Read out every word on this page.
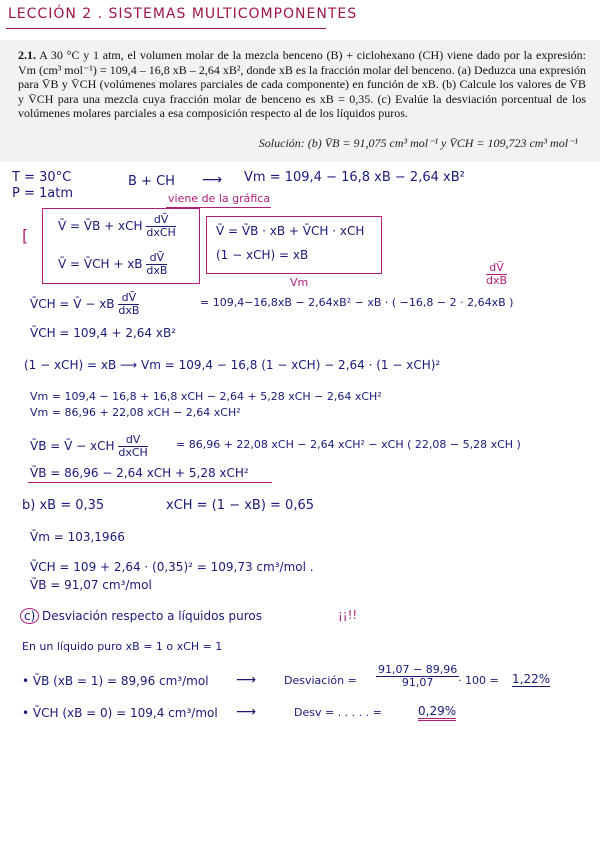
LECCIÓN 2 . SISTEMAS MULTICOMPONENTES
2.1. A 30 °C y 1 atm, el volumen molar de la mezcla benceno (B) + ciclohexano (CH) viene dado por la expresión: Vm (cm³ mol⁻¹) = 109,4 – 16,8 xB – 2,64 xB², donde xB es la fracción molar del benceno. (a) Deduzca una expresión para V̄B y V̄CH (volúmenes molares parciales de cada componente) en función de xB. (b) Calcule los valores de V̄B y V̄CH para una mezcla cuya fracción molar de benceno es xB = 0,35. (c) Evalúe la desviación porcentual de los volúmenes molares parciales a esa composición respecto al de los líquidos puros.
Solución: (b) V̄B = 91,075 cm³ mol⁻¹ y V̄CH = 109,723 cm³ mol⁻¹
T = 30°C
P = 1atm
B + CH ⟶ Vm = 109,4 − 16,8 xB − 2,64 xB²
viene de la gráfica
[ V̄ = V̄B + xCH $\frac{dV̄}{\text{dxCH}}$
V̄ = V̄CH + xB $\frac{dV̄}{\text{dxB}}$
V̄ = V̄B · xB + V̄CH · xCH
(1 − xCH) = xB
Vm
dV̄
dxB
V̄CH = V̄ − xB $\frac{dV̄}{\text{dxB}}$	= 109,4−16,8xB − 2,64xB² − xB · ( −16,8 − 2 · 2,64xB )
V̄CH = 109,4 + 2,64 xB²
(1 − xCH) = xB ⟶ Vm = 109,4 − 16,8 (1 − xCH) − 2,64 · (1 − xCH)²
Vm = 109,4 − 16,8 + 16,8 xCH − 2,64 + 5,28 xCH − 2,64 xCH²
Vm = 86,96 + 22,08 xCH − 2,64 xCH²
V̄B = V̄ − xCH $\frac{dV}{\text{dxCH}}$	= 86,96 + 22,08 xCH − 2,64 xCH² − xCH ( 22,08 − 5,28 xCH )
V̄B = 86,96 − 2,64 xCH + 5,28 xCH²
b) xB = 0,35	xCH = (1 − xB) = 0,65
V̄m = 103,1966
V̄CH = 109 + 2,64 · (0,35)² = 109,73 cm³/mol .
V̄B = 91,07 cm³/mol
c) Desviación respecto a líquidos puros	¡¡!!
En un líquido puro xB = 1 o xCH = 1
• V̄B (xB = 1) = 89,96 cm³/mol ⟶	Desviación = $\frac{91,07 - 89,96}{91,07}$
· 100 = 1,22%
• V̄CH (xB = 0) = 109,4 cm³/mol ⟶	Desv = . . . . . =	0,29%
